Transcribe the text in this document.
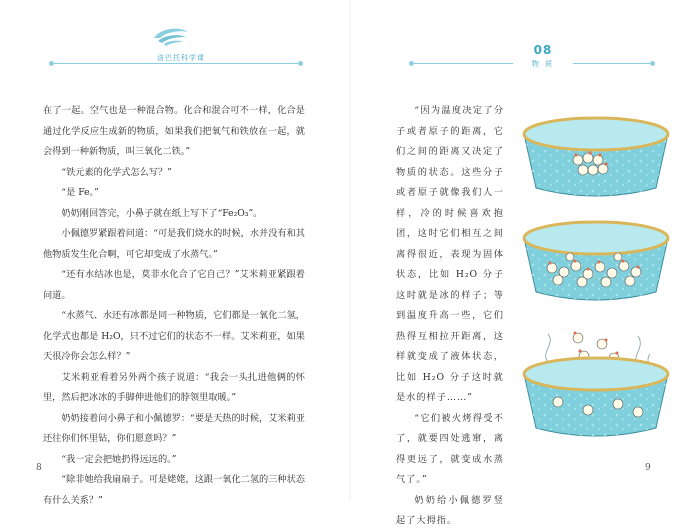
洛巴托科学课

在了一起。空气也是一种混合物。化合和混合可不一样，化合是通过化学反应生成新的物质，如果我们把氧气和铁放在一起，就会得到一种新物质，叫三氧化二铁。”

“铁元素的化学式怎么写？”

“是 Fe。”

奶奶刚回答完，小鼻子就在纸上写下了“Fe₂O₃”。

小佩德罗紧跟着问道：“可是我们烧水的时候，水并没有和其他物质发生化合啊，可它却变成了水蒸气。”

“还有水结冰也是，莫非水化合了它自己？”艾米莉亚紧跟着问道。

“水蒸气、水还有冰都是同一种物质，它们都是一氧化二氢，化学式也都是 H₂O，只不过它们的状态不一样。艾米莉亚，如果天很冷你会怎么样？”

艾米莉亚看着另外两个孩子说道：“我会一头扎进他俩的怀里，然后把冰冰的手脚伸进他们的脖领里取暖。”

奶奶接着问小鼻子和小佩德罗：“要是天热的时候，艾米莉亚还往你们怀里钻，你们愿意吗？”

“我一定会把她扔得远远的。”

“除非她给我扇扇子。可是姥姥，这跟一氧化二氢的三种状态有什么关系？”

8
08
物 质

“因为温度决定了分子或者原子的距离，它们之间的距离又决定了物质的状态。这些分子或者原子就像我们人一样，冷的时候喜欢抱团，这时它们相互之间离得很近，表现为固体状态，比如 H₂O 分子这时就是冰的样子；等到温度升高一些，它们热得互相拉开距离，这样就变成了液体状态，比如 H₂O 分子这时就是水的样子……”

“它们被火烤得受不了，就要四处逃窜，离得更远了，就变成水蒸气了。”

奶奶给小佩德罗竖起了大拇指。

9
